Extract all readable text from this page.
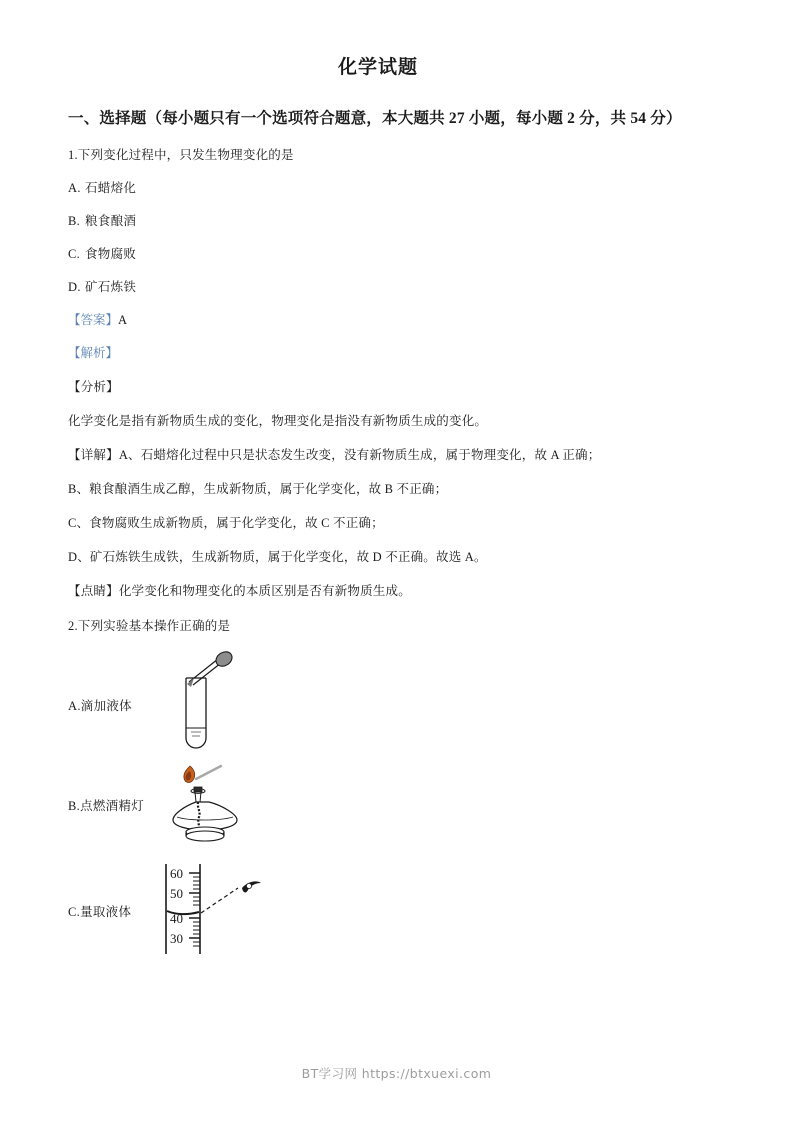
化学试题
一、选择题（每小题只有一个选项符合题意，本大题共 27 小题，每小题 2 分，共 54 分）
1.下列变化过程中，只发生物理变化的是
A. 石蜡熔化
B. 粮食酿酒
C. 食物腐败
D. 矿石炼铁
【答案】A
【解析】
【分析】
化学变化是指有新物质生成的变化，物理变化是指没有新物质生成的变化。
【详解】A、石蜡熔化过程中只是状态发生改变，没有新物质生成，属于物理变化，故 A 正确；
B、粮食酿酒生成乙醇，生成新物质，属于化学变化，故 B 不正确；
C、食物腐败生成新物质，属于化学变化，故 C 不正确；
D、矿石炼铁生成铁，生成新物质，属于化学变化，故 D 不正确。故选 A。
【点睛】化学变化和物理变化的本质区别是否有新物质生成。
2.下列实验基本操作正确的是
A.滴加液体
B.点燃酒精灯
C.量取液体
60
50
40
30
BT学习网 https://btxuexi.com
